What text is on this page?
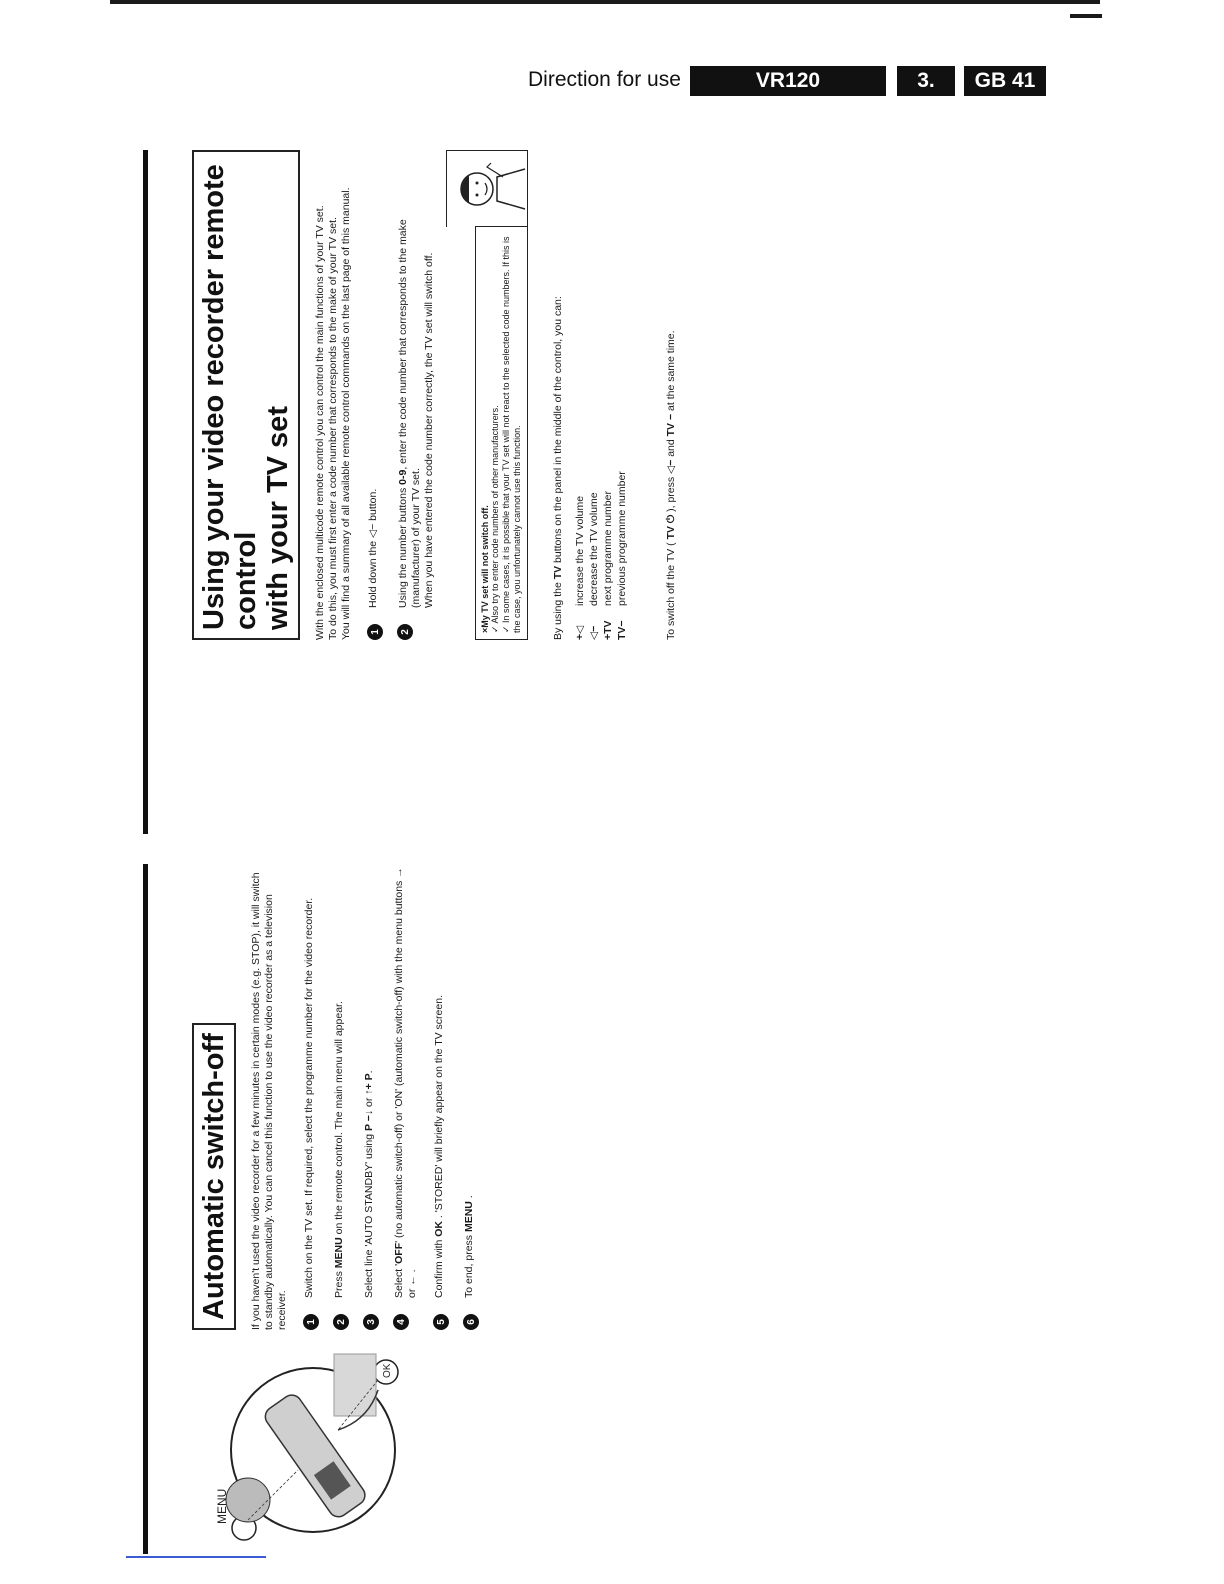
Direction for use	VR120	3.	GB 41
Using your video recorder remote control with your TV set With the enclosed multicode remote control you can control the main functions of your TV set. To do this, you must first enter a code number that corresponds to the make of your TV set. You will find a summary of all available remote control commands on the last page of this manual. 1
Hold down the ◁− button.
2
Using the number buttons 0-9, enter the code number that corresponds to the make (manufacturer) of your TV set.
When you have entered the code number correctly, the TV set will switch off.	×My TV set will not switch off. ✓ Also try to enter code numbers of other manufacturers. ✓ In some cases, it is possible that your TV set will not react to the selected code numbers. If this is the case, you unfortunately cannot use this function.	By using the TV buttons on the panel in the middle of the control, you can:

+◁	increase the TV volume
◁−	decrease the TV volume
+TV	next programme number
TV−	previous programme number	To switch off the TV ( TV ⏻ ), press ◁− and TV − at the same time.

Automatic switch-off If you haven't used the video recorder for a few minutes in certain modes (e.g. STOP), it will switch to standby automatically. You can cancel this function to use the video recorder as a television receiver. 1
Switch on the TV set. If required, select the programme number for the video recorder.
2
Press MENU on the remote control. The main menu will appear.
3
Select line 'AUTO STANDBY' using P −↓ or ↑+ P.
4
Select 'OFF' (no automatic switch-off) or 'ON' (automatic switch-off) with the menu buttons → or ← .
5
Confirm with OK . 'STORED' will briefly appear on the TV screen.
6
To end, press MENU .
MENU
OK
